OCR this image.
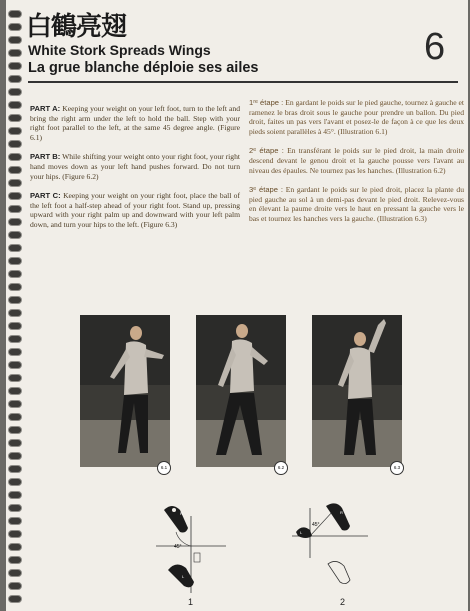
白鶴亮翅
White Stork Spreads Wings
La grue blanche déploie ses ailes	6

PART A: Keeping your weight on your left foot, turn to the left and bring the right arm under the left to hold the ball. Step with your right foot parallel to the left, at the same 45 degree angle. (Figure 6.1)

PART B: While shifting your weight onto your right foot, your right hand moves down as your left hand pushes forward. Do not turn your hips. (Figure 6.2)

PART C: Keeping your weight on your right foot, place the ball of the left foot a half-step ahead of your right foot. Stand up, pressing upward with your right palm up and downward with your left palm down, and turn your hips to the left. (Figure 6.3)

1ʳᵉ étape : En gardant le poids sur le pied gauche, tournez à gauche et ramenez le bras droit sous le gauche pour prendre un ballon. Du pied droit, faites un pas vers l'avant et posez-le de façon à ce que les deux pieds soient parallèles à 45°. (Illustration 6.1)

2ᵉ étape : En transférant le poids sur le pied droit, la main droite descend devant le genou droit et la gauche pousse vers l'avant au niveau des épaules. Ne tournez pas les hanches. (Illustration 6.2)

3ᵉ étape : En gardant le poids sur le pied droit, placez la plante du pied gauche au sol à un demi-pas devant le pied droit. Relevez-vous en élevant la paume droite vers le haut en pressant la gauche vers le bas et tournez les hanches vers la gauche. (Illustration 6.3)

6.1	6.2	6.3
45°
R
L
1
45°
R
L
2
